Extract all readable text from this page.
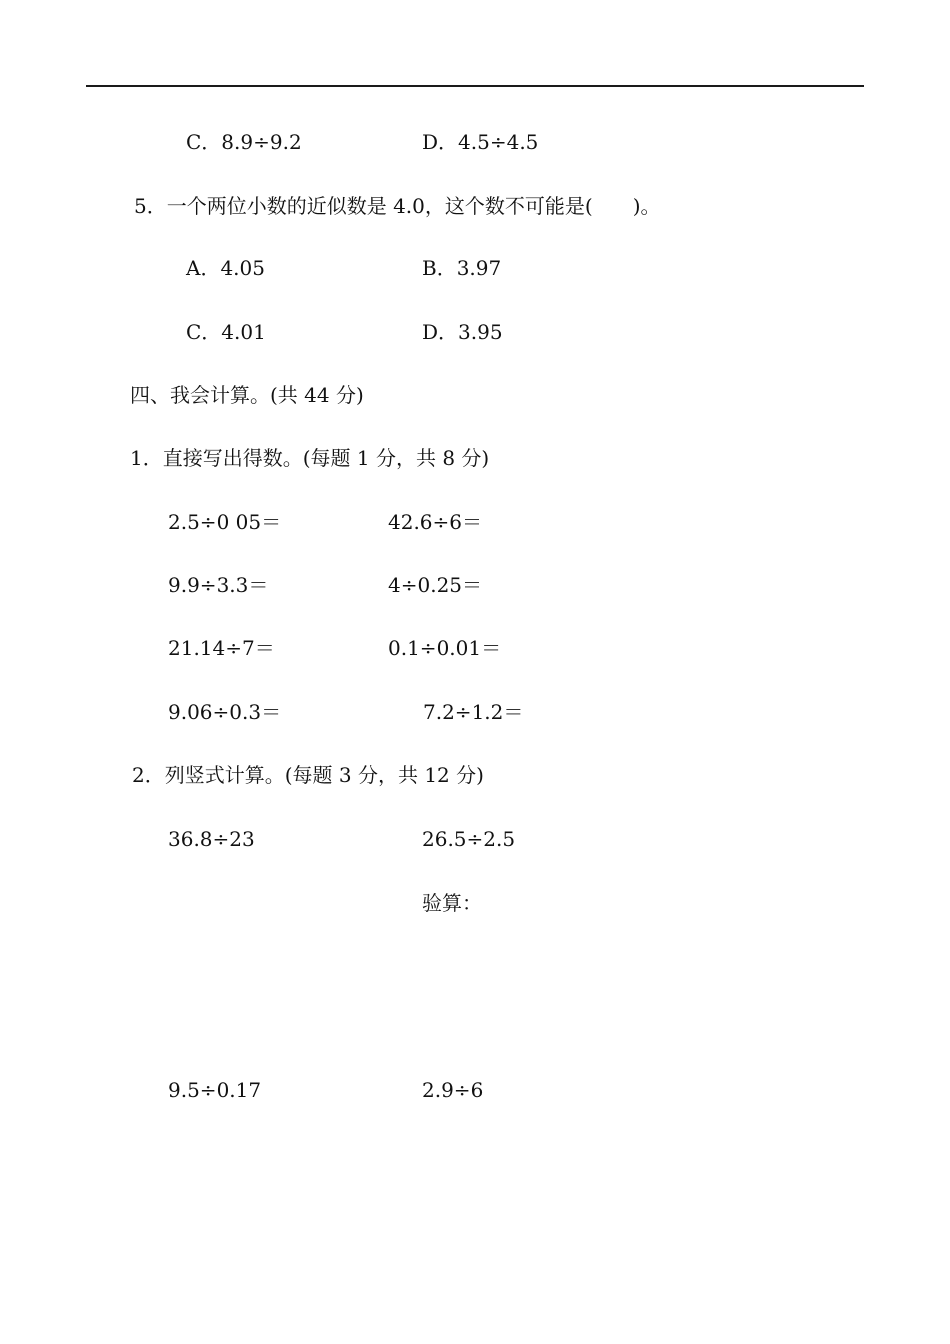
C．8.9÷9.2	D．4.5÷4.5
5．一个两位小数的近似数是 4.0，这个数不可能是(　　)。
A．4.05	B．3.97
C．4.01	D．3.95
四、我会计算。(共 44 分)
1．直接写出得数。(每题 1 分，共 8 分)
2.5÷0 05＝	42.6÷6＝
9.9÷3.3＝	4÷0.25＝
21.14÷7＝	0.1÷0.01＝
9.06÷0.3＝	7.2÷1.2＝
2．列竖式计算。(每题 3 分，共 12 分)
36.8÷23	26.5÷2.5
验算：
9.5÷0.17	2.9÷6
